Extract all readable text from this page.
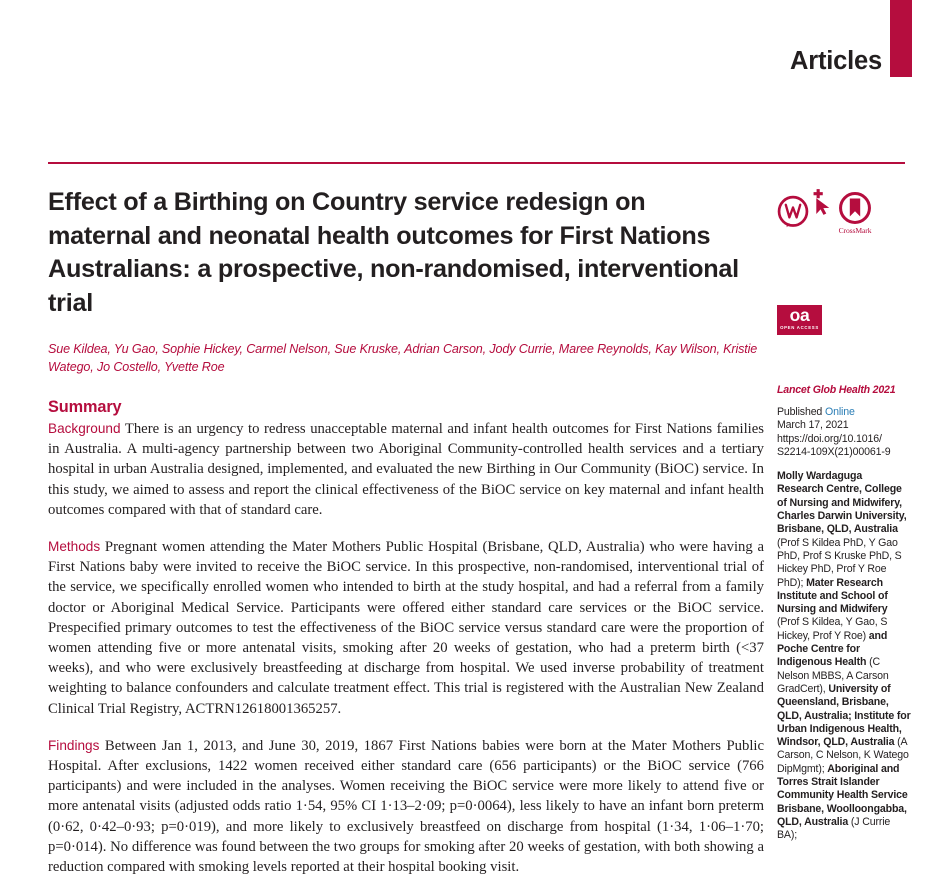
Articles
CrossMark
oa
OPEN ACCESS
Effect of a Birthing on Country service redesign on maternal and neonatal health outcomes for First Nations Australians: a prospective, non-randomised, interventional trial
Sue Kildea, Yu Gao, Sophie Hickey, Carmel Nelson, Sue Kruske, Adrian Carson, Jody Currie, Maree Reynolds, Kay Wilson, Kristie Watego, Jo Costello, Yvette Roe
Summary

Background There is an urgency to redress unacceptable maternal and infant health outcomes for First Nations families in Australia. A multi-agency partnership between two Aboriginal Community-controlled health services and a tertiary hospital in urban Australia designed, implemented, and evaluated the new Birthing in Our Community (BiOC) service. In this study, we aimed to assess and report the clinical effectiveness of the BiOC service on key maternal and infant health outcomes compared with that of standard care.

Methods Pregnant women attending the Mater Mothers Public Hospital (Brisbane, QLD, Australia) who were having a First Nations baby were invited to receive the BiOC service. In this prospective, non-randomised, interventional trial of the service, we specifically enrolled women who intended to birth at the study hospital, and had a referral from a family doctor or Aboriginal Medical Service. Participants were offered either standard care services or the BiOC service. Prespecified primary outcomes to test the effectiveness of the BiOC service versus standard care were the proportion of women attending five or more antenatal visits, smoking after 20 weeks of gestation, who had a preterm birth (<37 weeks), and who were exclusively breastfeeding at discharge from hospital. We used inverse probability of treatment weighting to balance confounders and calculate treatment effect. This trial is registered with the Australian New Zealand Clinical Trial Registry, ACTRN12618001365257.

Findings Between Jan 1, 2013, and June 30, 2019, 1867 First Nations babies were born at the Mater Mothers Public Hospital. After exclusions, 1422 women received either standard care (656 participants) or the BiOC service (766 participants) and were included in the analyses. Women receiving the BiOC service were more likely to attend five or more antenatal visits (adjusted odds ratio 1·54, 95% CI 1·13–2·09; p=0·0064), less likely to have an infant born preterm (0·62, 0·42–0·93; p=0·019), and more likely to exclusively breastfeed on discharge from hospital (1·34, 1·06–1·70; p=0·014). No difference was found between the two groups for smoking after 20 weeks of gestation, with both showing a reduction compared with smoking levels reported at their hospital booking visit.

Lancet Glob Health 2021
Published Online
March 17, 2021
https://doi.org/10.1016/
S2214-109X(21)00061-9
Molly Wardaguga Research Centre, College of Nursing and Midwifery, Charles Darwin University, Brisbane, QLD, Australia (Prof S Kildea PhD, Y Gao PhD, Prof S Kruske PhD, S Hickey PhD, Prof Y Roe PhD); Mater Research Institute and School of Nursing and Midwifery (Prof S Kildea, Y Gao, S Hickey, Prof Y Roe) and Poche Centre for Indigenous Health (C Nelson MBBS, A Carson GradCert), University of Queensland, Brisbane, QLD, Australia; Institute for Urban Indigenous Health, Windsor, QLD, Australia (A Carson, C Nelson, K Watego DipMgmt); Aboriginal and Torres Strait Islander Community Health Service Brisbane, Woolloongabba, QLD, Australia (J Currie BA);
